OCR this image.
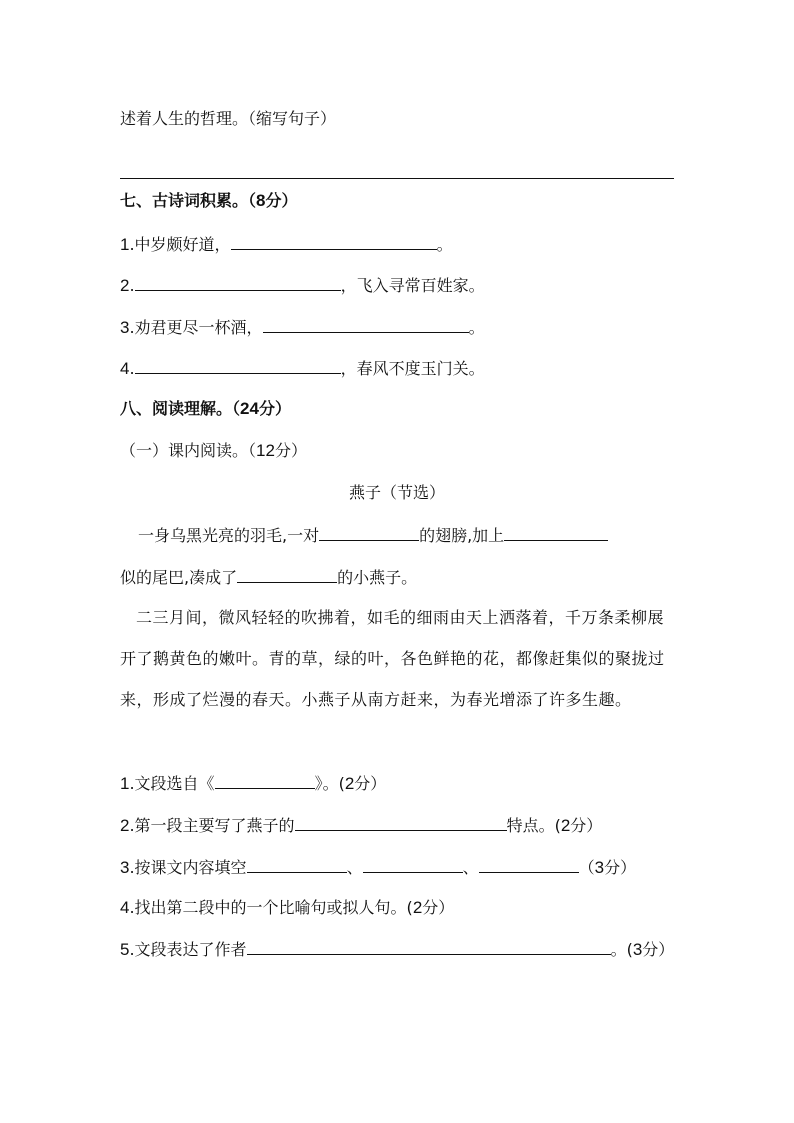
述着人生的哲理。（缩写句子）
七、古诗词积累。（8分）
1.中岁颇好道，	。
2.	，飞入寻常百姓家。
3.劝君更尽一杯酒，	。
4.	，春风不度玉门关。
八、阅读理解。（24分）
（一）课内阅读。（12分）
燕子（节选）
一身乌黑光亮的羽毛,一对	的翅膀,加上
似的尾巴,凑成了	的小燕子。
二三月间，微风轻轻的吹拂着，如毛的细雨由天上洒落着，千万条柔柳展开了鹅黄色的嫩叶。青的草，绿的叶，各色鲜艳的花，都像赶集似的聚拢过来，形成了烂漫的春天。小燕子从南方赶来，为春光增添了许多生趣。
1.文段选自《	》。(2分）
2.第一段主要写了燕子的	特点。(2分）
3.按课文内容填空	、	、	（3分）
4.找出第二段中的一个比喻句或拟人句。(2分）
5.文段表达了作者	。(3分）
